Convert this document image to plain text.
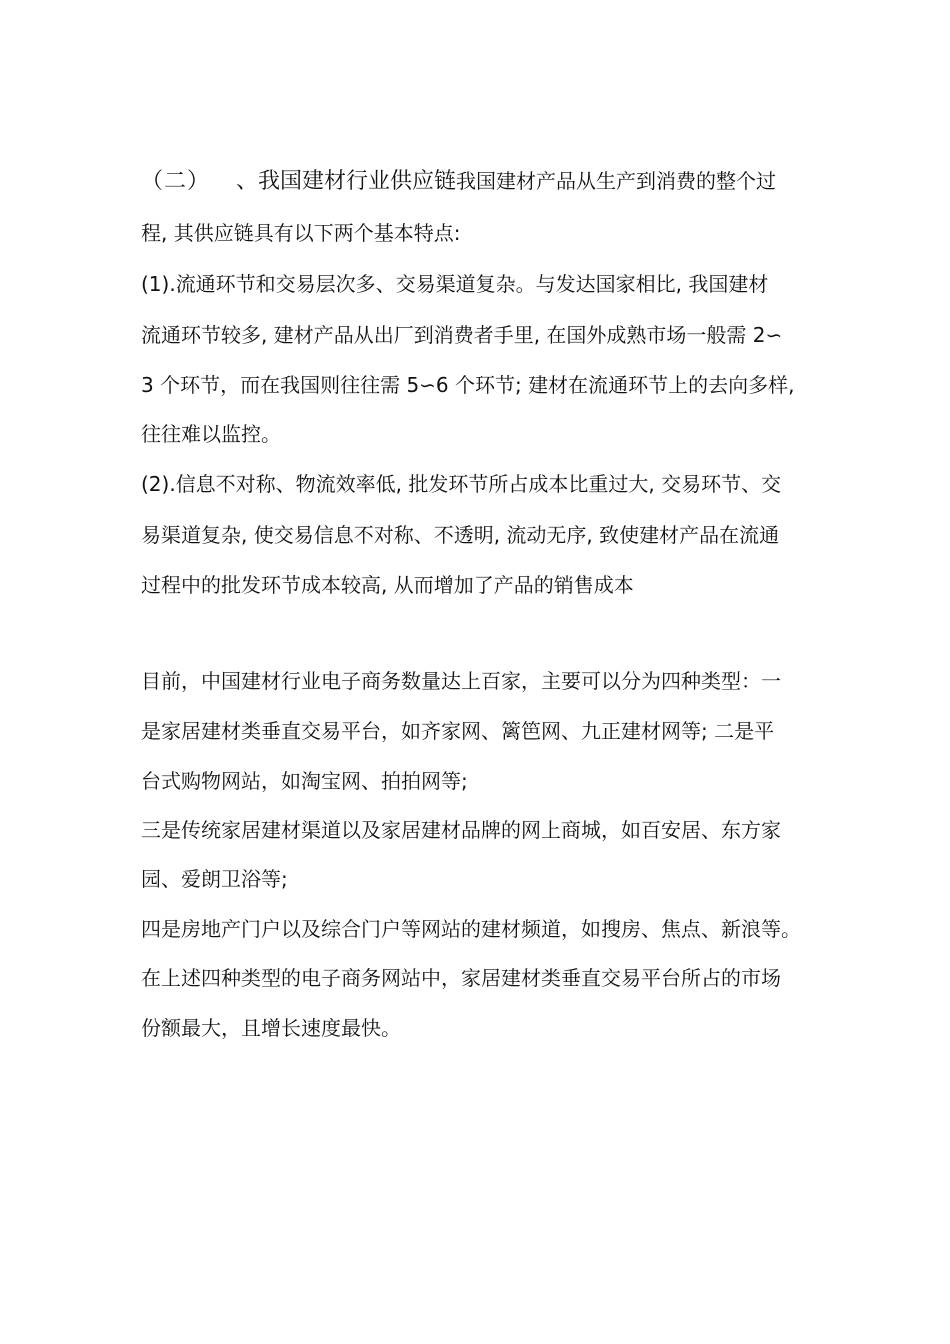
（二） 、我国建材行业供应链我国建材产品从生产到消费的整个过
程, 其供应链具有以下两个基本特点:
(1).流通环节和交易层次多、交易渠道复杂。与发达国家相比, 我国建材
流通环节较多, 建材产品从出厂到消费者手里, 在国外成熟市场一般需 2∽
3 个环节，而在我国则往往需 5∽6 个环节; 建材在流通环节上的去向多样,
往往难以监控。
(2).信息不对称、物流效率低, 批发环节所占成本比重过大, 交易环节、交
易渠道复杂, 使交易信息不对称、不透明, 流动无序, 致使建材产品在流通
过程中的批发环节成本较高, 从而增加了产品的销售成本
目前，中国建材行业电子商务数量达上百家，主要可以分为四种类型：一
是家居建材类垂直交易平台，如齐家网、篱笆网、九正建材网等; 二是平
台式购物网站，如淘宝网、拍拍网等;
三是传统家居建材渠道以及家居建材品牌的网上商城，如百安居、东方家
园、爱朗卫浴等;
四是房地产门户以及综合门户等网站的建材频道，如搜房、焦点、新浪等。
在上述四种类型的电子商务网站中，家居建材类垂直交易平台所占的市场
份额最大，且增长速度最快。
